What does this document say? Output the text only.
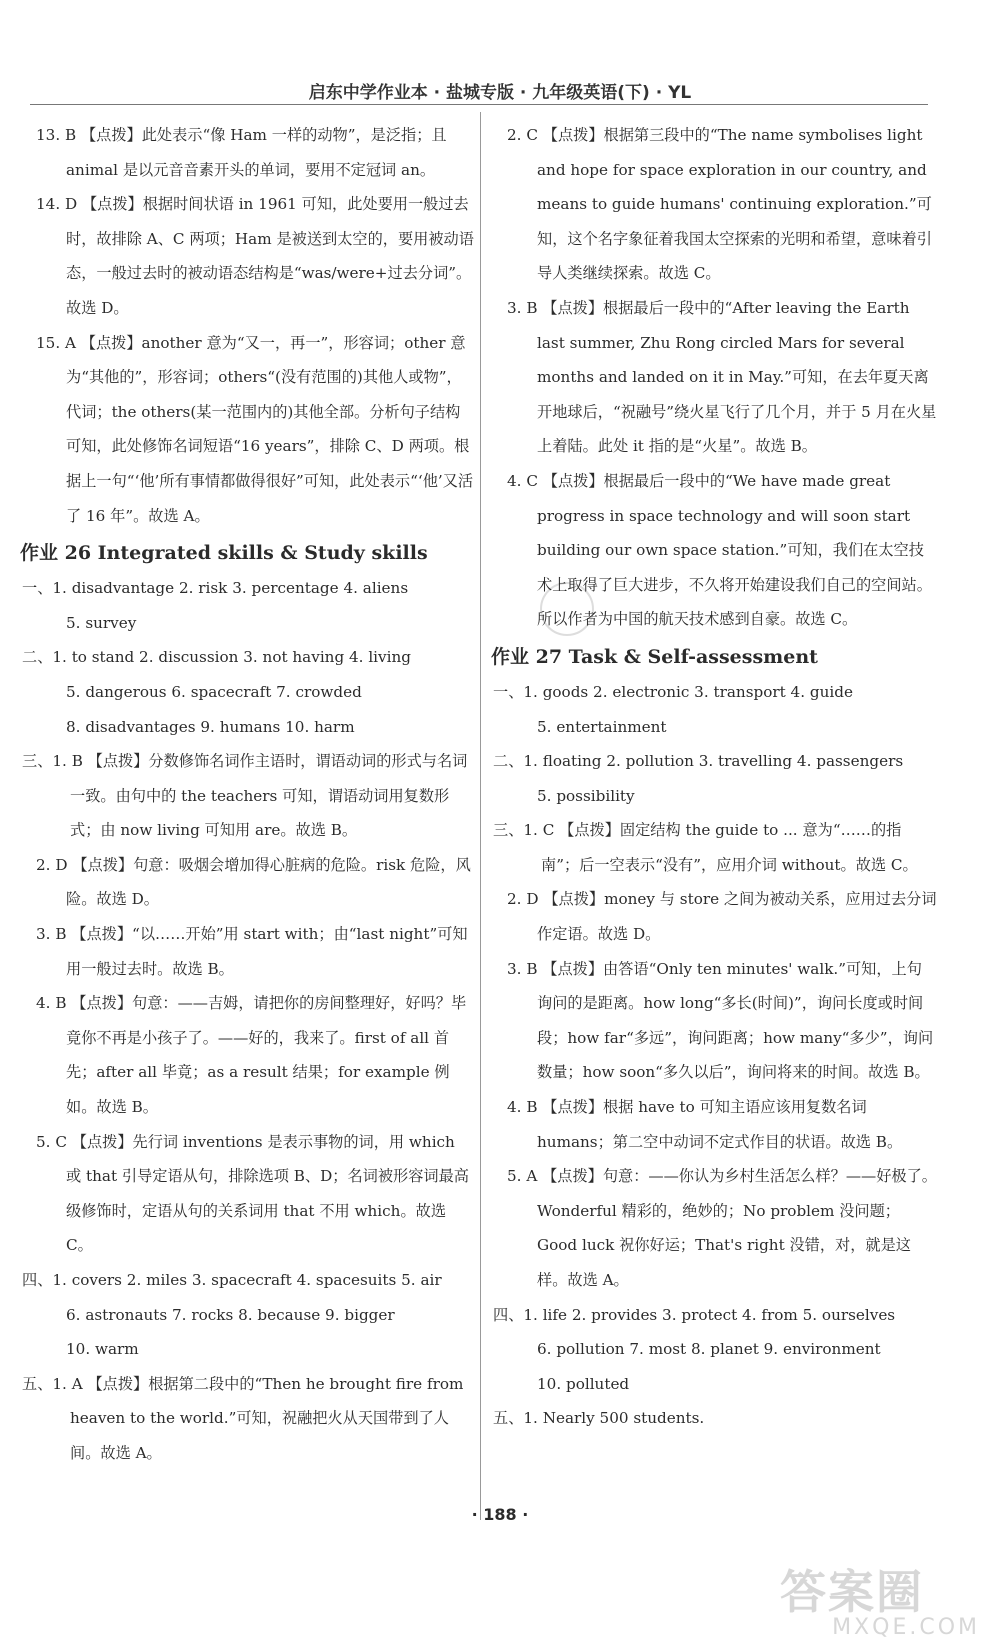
启东中学作业本 · 盐城专版 · 九年级英语(下) · YL

13. B 【点拨】此处表示“像 Ham 一样的动物”，是泛指；且 animal 是以元音音素开头的单词，要用不定冠词 an。

14. D 【点拨】根据时间状语 in 1961 可知，此处要用一般过去时，故排除 A、C 两项；Ham 是被送到太空的，要用被动语态，一般过去时的被动语态结构是“was/were+过去分词”。故选 D。

15. A 【点拨】another 意为“又一，再一”，形容词；other 意为“其他的”，形容词；others“(没有范围的)其他人或物”，代词；the others(某一范围内的)其他全部。分析句子结构可知，此处修饰名词短语“16 years”，排除 C、D 两项。根据上一句“‘他’所有事情都做得很好”可知，此处表示“‘他’又活了 16 年”。故选 A。

作业 26 Integrated skills & Study skills

一、1. disadvantage 2. risk 3. percentage 4. aliens

5. survey

二、1. to stand 2. discussion 3. not having 4. living

5. dangerous 6. spacecraft 7. crowded

8. disadvantages 9. humans 10. harm

三、1. B 【点拨】分数修饰名词作主语时，谓语动词的形式与名词一致。由句中的 the teachers 可知，谓语动词用复数形式；由 now living 可知用 are。故选 B。

2. D 【点拨】句意：吸烟会增加得心脏病的危险。risk 危险，风险。故选 D。

3. B 【点拨】“以……开始”用 start with；由“last night”可知用一般过去时。故选 B。

4. B 【点拨】句意：——吉姆，请把你的房间整理好，好吗？毕竟你不再是小孩子了。——好的，我来了。first of all 首先；after all 毕竟；as a result 结果；for example 例如。故选 B。

5. C 【点拨】先行词 inventions 是表示事物的词，用 which 或 that 引导定语从句，排除选项 B、D；名词被形容词最高级修饰时，定语从句的关系词用 that 不用 which。故选 C。

四、1. covers 2. miles 3. spacecraft 4. spacesuits 5. air

6. astronauts 7. rocks 8. because 9. bigger

10. warm

五、1. A 【点拨】根据第二段中的“Then he brought fire from heaven to the world.”可知，祝融把火从天国带到了人间。故选 A。

2. C 【点拨】根据第三段中的“The name symbolises light and hope for space exploration in our country, and means to guide humans' continuing exploration.”可知，这个名字象征着我国太空探索的光明和希望，意味着引导人类继续探索。故选 C。

3. B 【点拨】根据最后一段中的“After leaving the Earth last summer, Zhu Rong circled Mars for several months and landed on it in May.”可知，在去年夏天离开地球后，“祝融号”绕火星飞行了几个月，并于 5 月在火星上着陆。此处 it 指的是“火星”。故选 B。

4. C 【点拨】根据最后一段中的“We have made great progress in space technology and will soon start building our own space station.”可知，我们在太空技术上取得了巨大进步，不久将开始建设我们自己的空间站。所以作者为中国的航天技术感到自豪。故选 C。

作业 27 Task & Self-assessment

一、1. goods 2. electronic 3. transport 4. guide

5. entertainment

二、1. floating 2. pollution 3. travelling 4. passengers

5. possibility

三、1. C 【点拨】固定结构 the guide to ... 意为“……的指南”；后一空表示“没有”，应用介词 without。故选 C。

2. D 【点拨】money 与 store 之间为被动关系，应用过去分词作定语。故选 D。

3. B 【点拨】由答语“Only ten minutes' walk.”可知，上句询问的是距离。how long“多长(时间)”，询问长度或时间段；how far“多远”，询问距离；how many“多少”，询问数量；how soon“多久以后”，询问将来的时间。故选 B。

4. B 【点拨】根据 have to 可知主语应该用复数名词 humans；第二空中动词不定式作目的状语。故选 B。

5. A 【点拨】句意：——你认为乡村生活怎么样？——好极了。Wonderful 精彩的，绝妙的；No problem 没问题；Good luck 祝你好运；That's right 没错，对，就是这样。故选 A。

四、1. life 2. provides 3. protect 4. from 5. ourselves

6. pollution 7. most 8. planet 9. environment

10. polluted

五、1. Nearly 500 students.

· 188 ·
答案圈
MXQE.COM
